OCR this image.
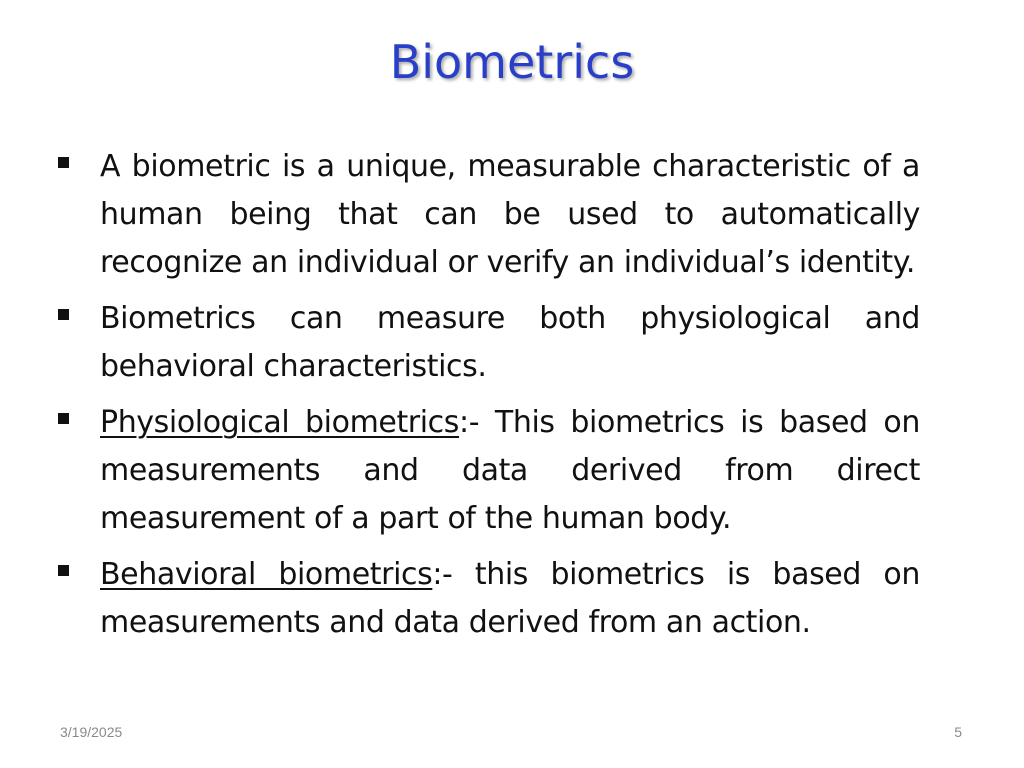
Biometrics
A biometric is a unique, measurable characteristic of a human being that can be used to automatically recognize an individual or verify an individual’s identity.
Biometrics can measure both physiological and behavioral characteristics.
Physiological biometrics:- This biometrics is based on measurements and data derived from direct measurement of a part of the human body.
Behavioral biometrics:- this biometrics is based on measurements and data derived from an action.
3/19/2025	5
